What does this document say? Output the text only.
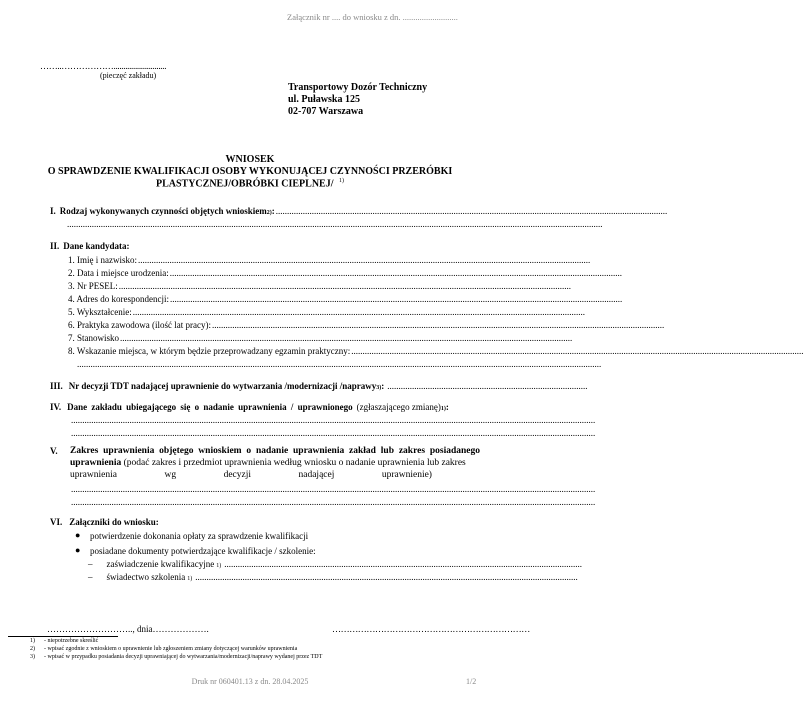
Załącznik nr .... do wniosku z dn. ..........................
……..………………...........................
(pieczęć zakładu)
Transportowy Dozór Techniczny
ul. Puławska 125
02-707 Warszawa
WNIOSEK
O SPRAWDZENIE KWALIFIKACJI OSOBY WYKONUJĄCEJ CZYNNOŚCI PRZERÓBKI
PLASTYCZNEJ/OBRÓBKI CIEPLNEJ/ $^{1)}$
I. Rodzaj wykonywanych czynności objętych wnioskiem$_{2)}$ : ..............................................................................................................................................................................
..............................................................................................................................................................................................................................................
II. Dane kandydata:
1. Imię i nazwisko: .........................................................................................................................................................................................................
2. Data i miejsce urodzenia: .........................................................................................................................................................................................................
3. Nr PESEL: .........................................................................................................................................................................................................
4. Adres do korespondencji: .........................................................................................................................................................................................................
5. Wykształcenie: .........................................................................................................................................................................................................
6. Praktyka zawodowa (ilość lat pracy): .........................................................................................................................................................................................................
7. Stanowisko .........................................................................................................................................................................................................
8. Wskazanie miejsca, w którym będzie przeprowadzany egzamin praktyczny: .........................................................................................................................................................................................................
.........................................................................................................................................................................................................................................
III. Nr decyzji TDT nadającej uprawnienie do wytwarzania /modernizacji /naprawy$_{3)}$ : .........................................................................................
IV. Dane zakładu ubiegającego się o nadanie uprawnienia / uprawnionego (zgłaszającego $zmianę)_{1)}$ :
.........................................................................................................................................................................................................................................
.........................................................................................................................................................................................................................................
V. Zakres uprawnienia objętego wnioskiem o nadanie uprawnienia zakład lub zakres posiadanego
uprawnienia (podać zakres i przedmiot uprawnienia według wniosku o nadanie uprawnienia lub zakres
uprawnienia                    wg                    decyzji                    nadającej                    uprawnienie)
.........................................................................................................................................................................................................................................
.........................................................................................................................................................................................................................................
VI. Załączniki do wniosku:
● potwierdzenie dokonania opłaty za sprawdzenie kwalifikacji
● posiadane dokumenty potwierdzające kwalifikacje / szkolenie:
– zaświadczenie kwalifikacyjne $_{1)}$ ...............................................................................................................................................................
– świadectwo szkolenia $_{1)}$ ..........................................................................................................................................................................
……………………….., dnia……………….	……………………………………………………………
1) - niepotrzebne skreślić
2) - wpisać zgodnie z wnioskiem o uprawnienie lub zgłoszeniem zmiany dotyczącej warunków uprawnienia
3) - wpisać w przypadku posiadania decyzji uprawniającej do wytwarzania/modernizacji/naprawy wydanej przez TDT
Druk nr 060401.13 z dn. 28.04.2025	1/2
